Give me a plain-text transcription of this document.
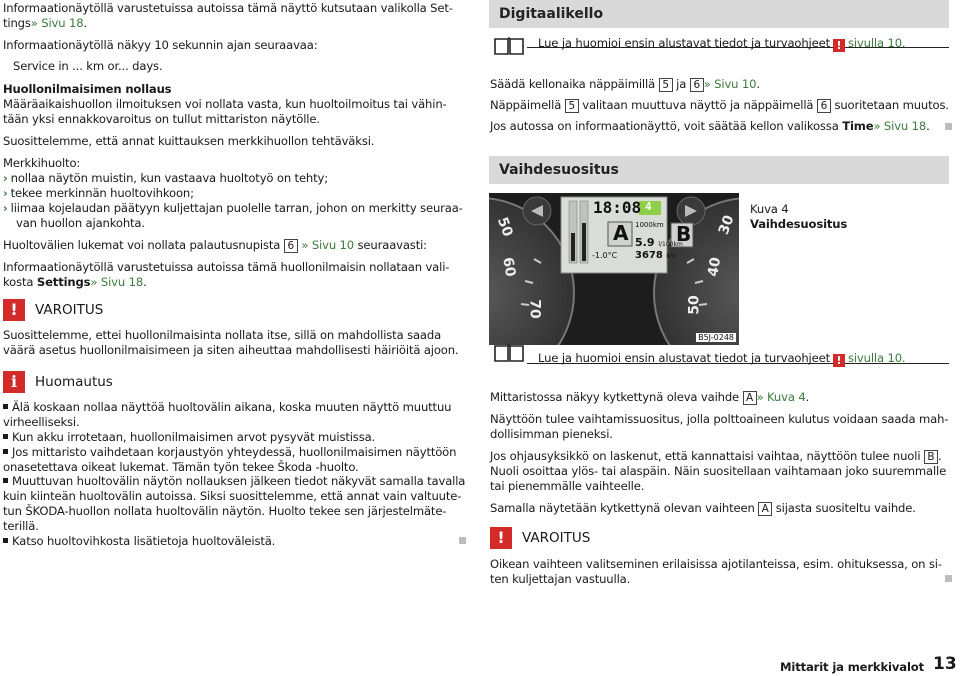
Informaationäytöllä varustetuissa autoissa tämä näyttö kutsutaan valikolla Set-
tings» Sivu 18.
Informaationäytöllä näkyy 10 sekunnin ajan seuraavaa:
Service in ... km or... days.
Huollonilmaisimen nollaus
Määräaikaishuollon ilmoituksen voi nollata vasta, kun huoltoilmoitus tai vähin-
tään yksi ennakkovaroitus on tullut mittariston näytölle.
Suosittelemme, että annat kuittauksen merkkihuollon tehtäväksi.
Merkkihuolto:
› nollaa näytön muistin, kun vastaava huoltotyö on tehty;
› tekee merkinnän huoltovihkoon;
› liimaa kojelaudan päätyyn kuljettajan puolelle tarran, johon on merkitty seuraa-
van huollon ajankohta.
Huoltovälien lukemat voi nollata palautusnupista 6 » Sivu 10 seuraavasti:
Informaationäytöllä varustetuissa autoissa tämä huollonilmaisin nollataan vali-
kosta Settings» Sivu 18.
!	VAROITUS
Suosittelemme, ettei huollonilmaisinta nollata itse, sillä on mahdollista saada
väärä asetus huollonilmaisimeen ja siten aiheuttaa mahdollisesti häiriöitä ajoon.
i	Huomautus
Älä koskaan nollaa näyttöä huoltovälin aikana, koska muuten näyttö muuttuu
virheelliseksi.
Kun akku irrotetaan, huollonilmaisimen arvot pysyvät muistissa.
Jos mittaristo vaihdetaan korjaustyön yhteydessä, huollonilmaisimen näyttöön
onasetettava oikeat lukemat. Tämän työn tekee Škoda -huolto.
Muuttuvan huoltovälin näytön nollauksen jälkeen tiedot näkyvät samalla tavalla
kuin kiinteän huoltovälin autoissa. Siksi suosittelemme, että annat vain valtuute-
tun ŠKODA-huollon nollata huoltovälin näytön. Huolto tekee sen järjestelmäte-
terillä.
Katso huoltovihkosta lisätietoja huoltoväleistä.
Digitaalikello
Lue ja huomioi ensin alustavat tiedot ja turvaohjeet ! sivulla 10.
Säädä kellonaika näppäimillä 5 ja 6 » Sivu 10.
Näppäimellä 5 valitaan muuttuva näyttö ja näppäimellä 6 suoritetaan muutos.
Jos autossa on informaationäyttö, voit säätää kellon valikossa Time» Sivu 18.
Vaihdesuositus
18:08 4
A B
1000km
5.9 l/100km
-1.0°C 3678 km
50
60
70
30
40
50
B5J-0248
Kuva 4
Vaihdesuositus
Lue ja huomioi ensin alustavat tiedot ja turvaohjeet ! sivulla 10.
Mittaristossa näkyy kytkettynä oleva vaihde A » Kuva 4.
Näyttöön tulee vaihtamissuositus, jolla polttoaineen kulutus voidaan saada mah-
dollisimman pieneksi.
Jos ohjausyksikkö on laskenut, että kannattaisi vaihtaa, näyttöön tulee nuoli B .
Nuoli osoittaa ylös- tai alaspäin. Näin suositellaan vaihtamaan joko suuremmalle
tai pienemmälle vaihteelle.
Samalla näytetään kytkettynä olevan vaihteen A sijasta suositeltu vaihde.
!	VAROITUS
Oikean vaihteen valitseminen erilaisissa ajotilanteissa, esim. ohituksessa, on si-
ten kuljettajan vastuulla.
Mittarit ja merkkivalot 13
